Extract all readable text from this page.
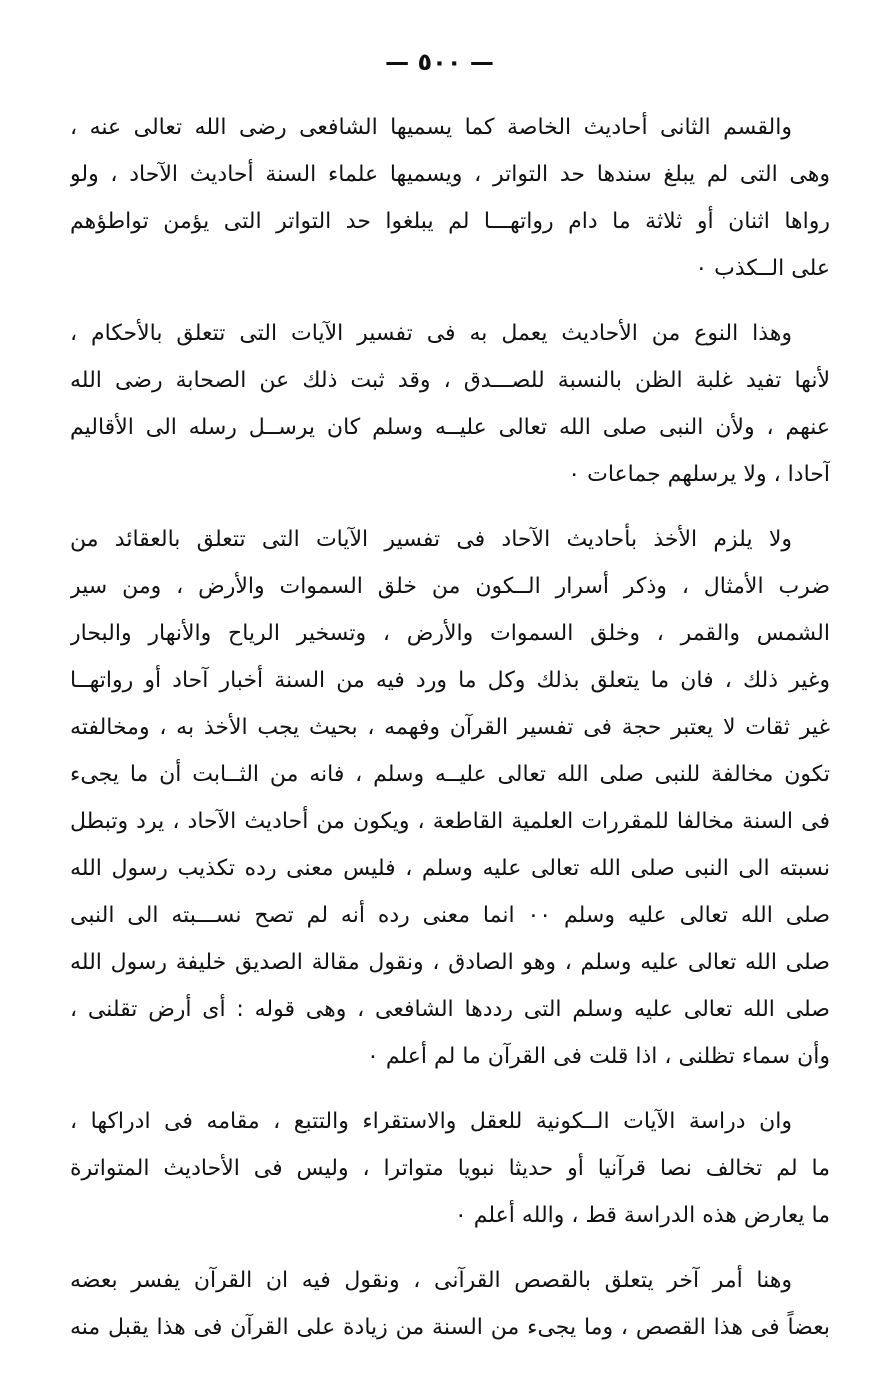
— ٥٠٠ —
والقسم الثانى أحاديث الخاصة كما يسميها الشافعى رضى الله تعالى عنه ،
وهى التى لم يبلغ سندها حد التواتر ، ويسميها علماء السنة أحاديث الآحاد ، ولو
رواها اثنان أو ثلاثة ما دام رواتهـــا لم يبلغوا حد التواتر التى يؤمن تواطؤهم
على الــكذب ٠
وهذا النوع من الأحاديث يعمل به فى تفسير الآيات التى تتعلق بالأحكام ،
لأنها تفيد غلبة الظن بالنسبة للصـــدق ، وقد ثبت ذلك عن الصحابة رضى الله
عنهم ، ولأن النبى صلى الله تعالى عليــه وسلم كان يرســل رسله الى الأقاليم
آحادا ، ولا يرسلهم جماعات ٠
ولا يلزم الأخذ بأحاديث الآحاد فى تفسير الآيات التى تتعلق بالعقائد من
ضرب الأمثال ، وذكر أسرار الــكون من خلق السموات والأرض ، ومن سير
الشمس والقمر ، وخلق السموات والأرض ، وتسخير الرياح والأنهار والبحار
وغير ذلك ، فان ما يتعلق بذلك وكل ما ورد فيه من السنة أخبار آحاد أو رواتهــا
غير ثقات لا يعتبر حجة فى تفسير القرآن وفهمه ، بحيث يجب الأخذ به ، ومخالفته
تكون مخالفة للنبى صلى الله تعالى عليــه وسلم ، فانه من الثــابت أن ما يجىء
فى السنة مخالفا للمقررات العلمية القاطعة ، ويكون من أحاديث الآحاد ، يرد وتبطل
نسبته الى النبى صلى الله تعالى عليه وسلم ، فليس معنى رده تكذيب رسول الله
صلى الله تعالى عليه وسلم ٠٠ انما معنى رده أنه لم تصح نســـبته الى النبى
صلى الله تعالى عليه وسلم ، وهو الصادق ، ونقول مقالة الصديق خليفة رسول الله
صلى الله تعالى عليه وسلم التى رددها الشافعى ، وهى قوله : أى أرض تقلنى ،
وأن سماء تظلنى ، اذا قلت فى القرآن ما لم أعلم ٠
وان دراسة الآيات الــكونية للعقل والاستقراء والتتبع ، مقامه فى ادراكها ،
ما لم تخالف نصا قرآنيا أو حديثا نبويا متواترا ، وليس فى الأحاديث المتواترة
ما يعارض هذه الدراسة قط ، والله أعلم ٠
وهنا أمر آخر يتعلق بالقصص القرآنى ، ونقول فيه ان القرآن يفسر بعضه
بعضاً فى هذا القصص ، وما يجىء من السنة من زيادة على القرآن فى هذا يقبل منه
